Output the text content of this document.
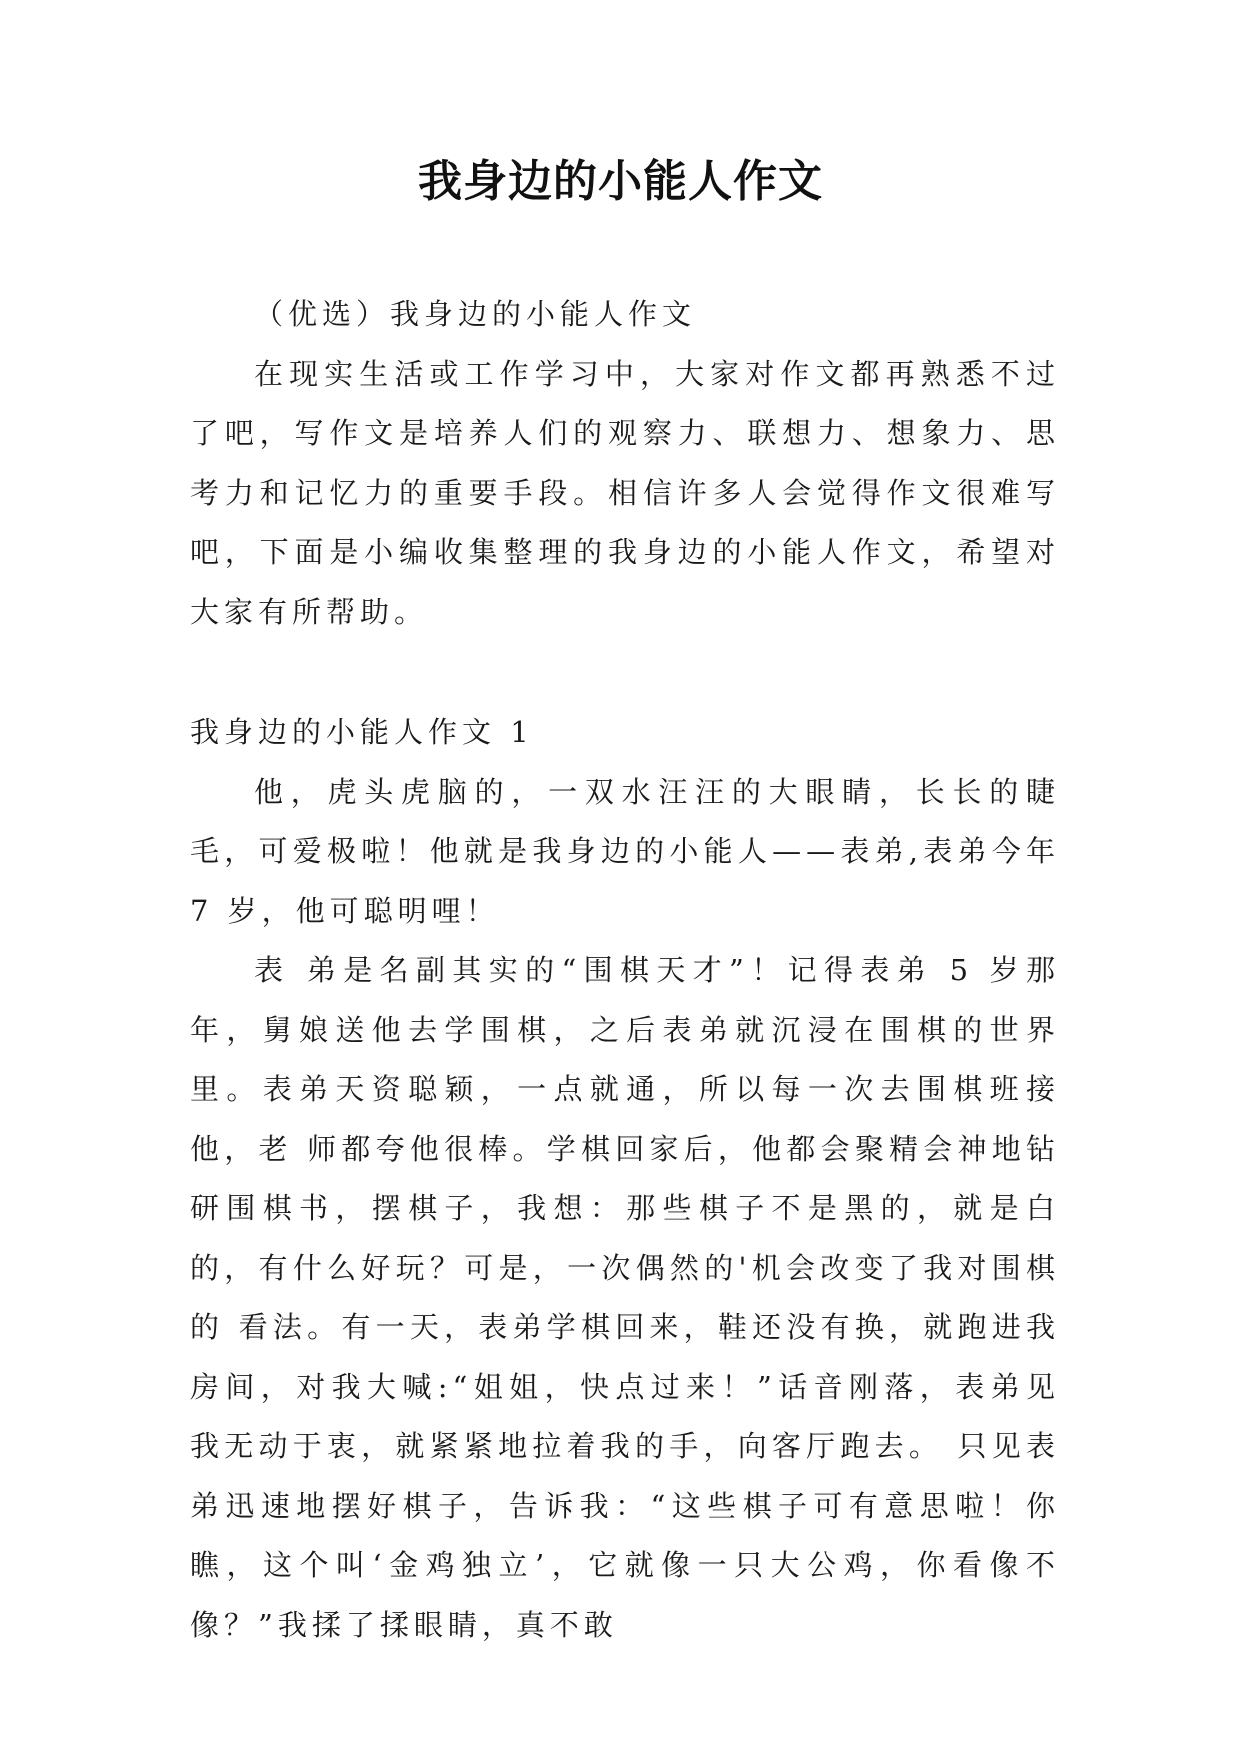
我身边的小能人作文

（优选）我身边的小能人作文

在现实生活或工作学习中，大家对作文都再熟悉不过了吧，写作文是培养人们的观察力、联想力、想象力、思考力和记忆力的重要手段。相信许多人会觉得作文很难写吧，下面是小编收集整理的我身边的小能人作文，希望对大家有所帮助。

我身边的小能人作文 1

他，虎头虎脑的，一双水汪汪的大眼睛，长长的睫毛，可爱极啦！他就是我身边的小能人——表弟,表弟今年 7 岁，他可聪明哩！

表 弟是名副其实的“围棋天才”！记得表弟 5 岁那年，舅娘送他去学围棋，之后表弟就沉浸在围棋的世界里。表弟天资聪颖，一点就通，所以每一次去围棋班接他，老 师都夸他很棒。学棋回家后，他都会聚精会神地钻研围棋书，摆棋子，我想：那些棋子不是黑的，就是白的，有什么好玩？可是，一次偶然的'机会改变了我对围棋的 看法。有一天，表弟学棋回来，鞋还没有换，就跑进我房间，对我大喊:“姐姐，快点过来！”话音刚落，表弟见我无动于衷，就紧紧地拉着我的手，向客厅跑去。 只见表弟迅速地摆好棋子，告诉我：“这些棋子可有意思啦！你瞧，这个叫‘金鸡独立’，它就像一只大公鸡，你看像不像？”我揉了揉眼睛，真不敢
